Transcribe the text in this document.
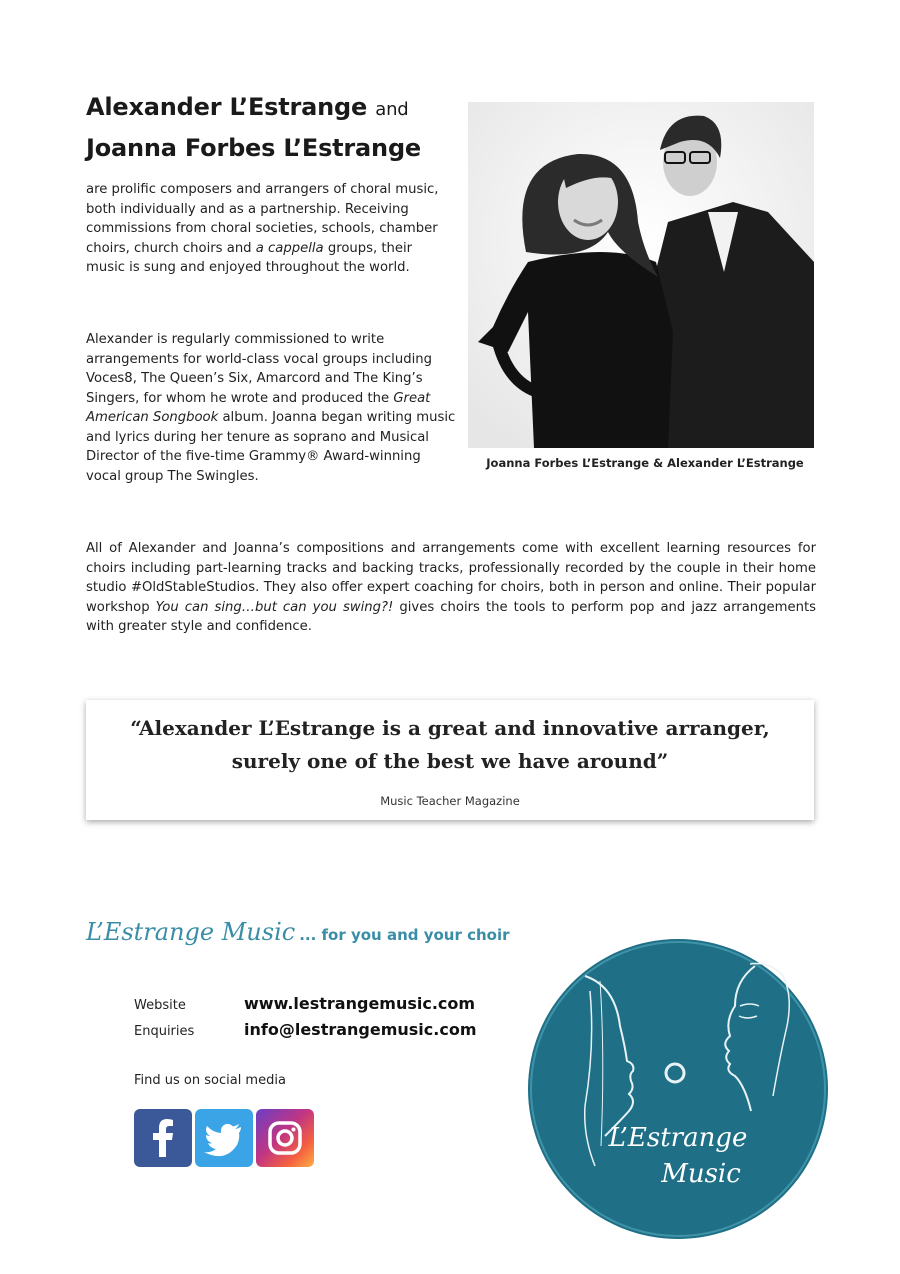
Alexander L’Estrange and
Joanna Forbes L’Estrange
are prolific composers and arrangers of choral music, both individually and as a partnership. Receiving commissions from choral societies, schools, chamber choirs, church choirs and a cappella groups, their music is sung and enjoyed throughout the world.
Alexander is regularly commissioned to write arrangements for world-class vocal groups including Voces8, The Queen’s Six, Amarcord and The King’s Singers, for whom he wrote and produced the Great American Songbook album. Joanna began writing music and lyrics during her tenure as soprano and Musical Director of the five-time Grammy® Award-winning vocal group The Swingles.
Joanna Forbes L’Estrange & Alexander L’Estrange
All of Alexander and Joanna’s compositions and arrangements come with excellent learning resources for choirs including part-learning tracks and backing tracks, professionally recorded by the couple in their home studio #OldStableStudios. They also offer expert coaching for choirs, both in person and online. Their popular workshop You can sing…but can you swing?! gives choirs the tools to perform pop and jazz arrangements with greater style and confidence.
“Alexander L’Estrange is a great and innovative arranger,
surely one of the best we have around”
Music Teacher Magazine
L’Estrange Music ... for you and your choir
Website	www.lestrangemusic.com
Enquiries	info@lestrangemusic.com
Find us on social media
L’Estrange
Music
